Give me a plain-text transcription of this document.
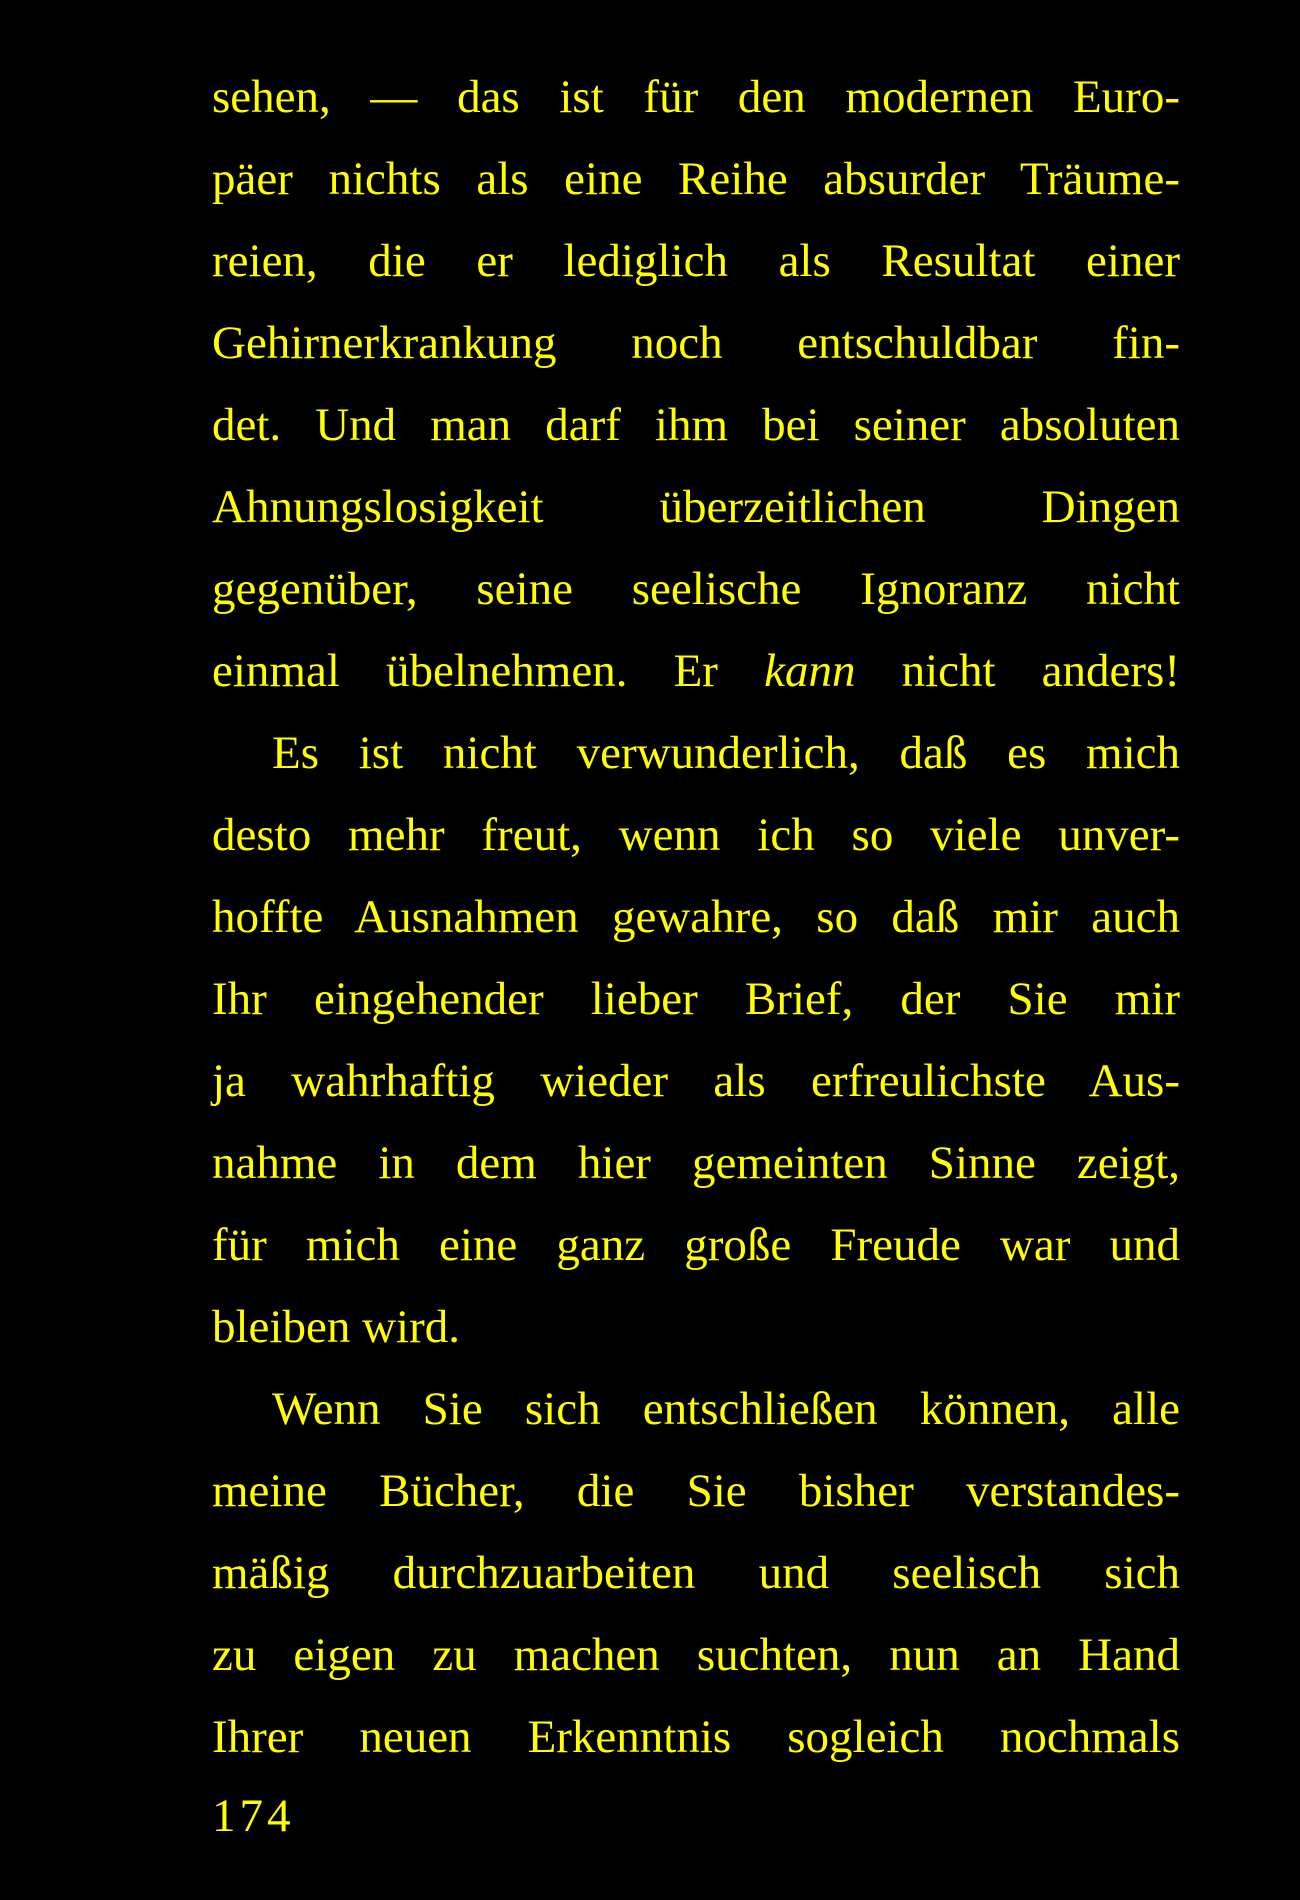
sehen, — das ist für den modernen Euro-
päer nichts als eine Reihe absurder Träume-
reien, die er lediglich als Resultat einer
Gehirnerkrankung noch entschuldbar fin-
det. Und man darf ihm bei seiner absoluten
Ahnungslosigkeit überzeitlichen Dingen
gegenüber, seine seelische Ignoranz nicht
einmal übelnehmen. Er kann nicht anders!
Es ist nicht verwunderlich, daß es mich
desto mehr freut, wenn ich so viele unver-
hoffte Ausnahmen gewahre, so daß mir auch
Ihr eingehender lieber Brief, der Sie mir
ja wahrhaftig wieder als erfreulichste Aus-
nahme in dem hier gemeinten Sinne zeigt,
für mich eine ganz große Freude war und
bleiben wird.
Wenn Sie sich entschließen können, alle
meine Bücher, die Sie bisher verstandes-
mäßig durchzuarbeiten und seelisch sich
zu eigen zu machen suchten, nun an Hand
Ihrer neuen Erkenntnis sogleich nochmals
174
